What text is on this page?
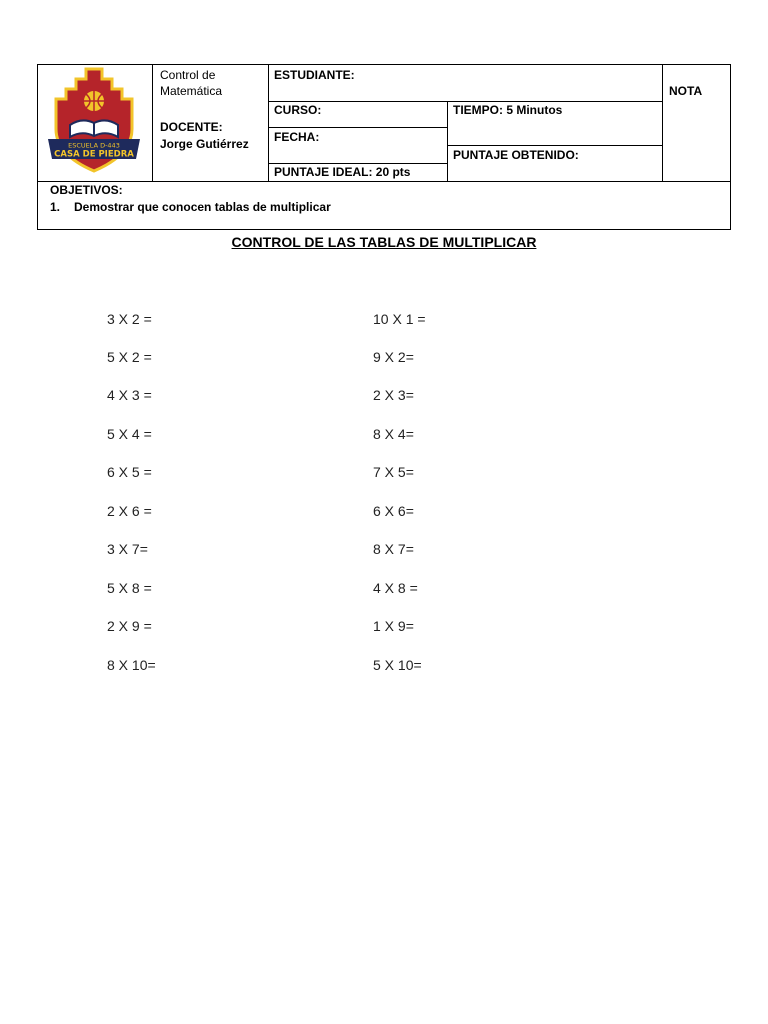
ESCUELA D-443
CASA DE PIEDRA
Control de
Matemática
DOCENTE:
Jorge Gutiérrez
ESTUDIANTE:
CURSO:	TIEMPO: 5 Minutos
FECHA:
PUNTAJE OBTENIDO:
PUNTAJE IDEAL: 20 pts
NOTA
OBJETIVOS:
1. Demostrar que conocen tablas de multiplicar
CONTROL DE LAS TABLAS DE MULTIPLICAR
3 X 2 =
5 X 2 =
4 X 3 =
5 X 4 =
6 X 5 =
2 X 6 =
3 X 7=
5 X 8 =
2 X 9 =
8 X 10=
10 X 1 =
9 X 2=
2 X 3=
8 X 4=
7 X 5=
6 X 6=
8 X 7=
4 X 8 =
1 X 9=
5 X 10=
